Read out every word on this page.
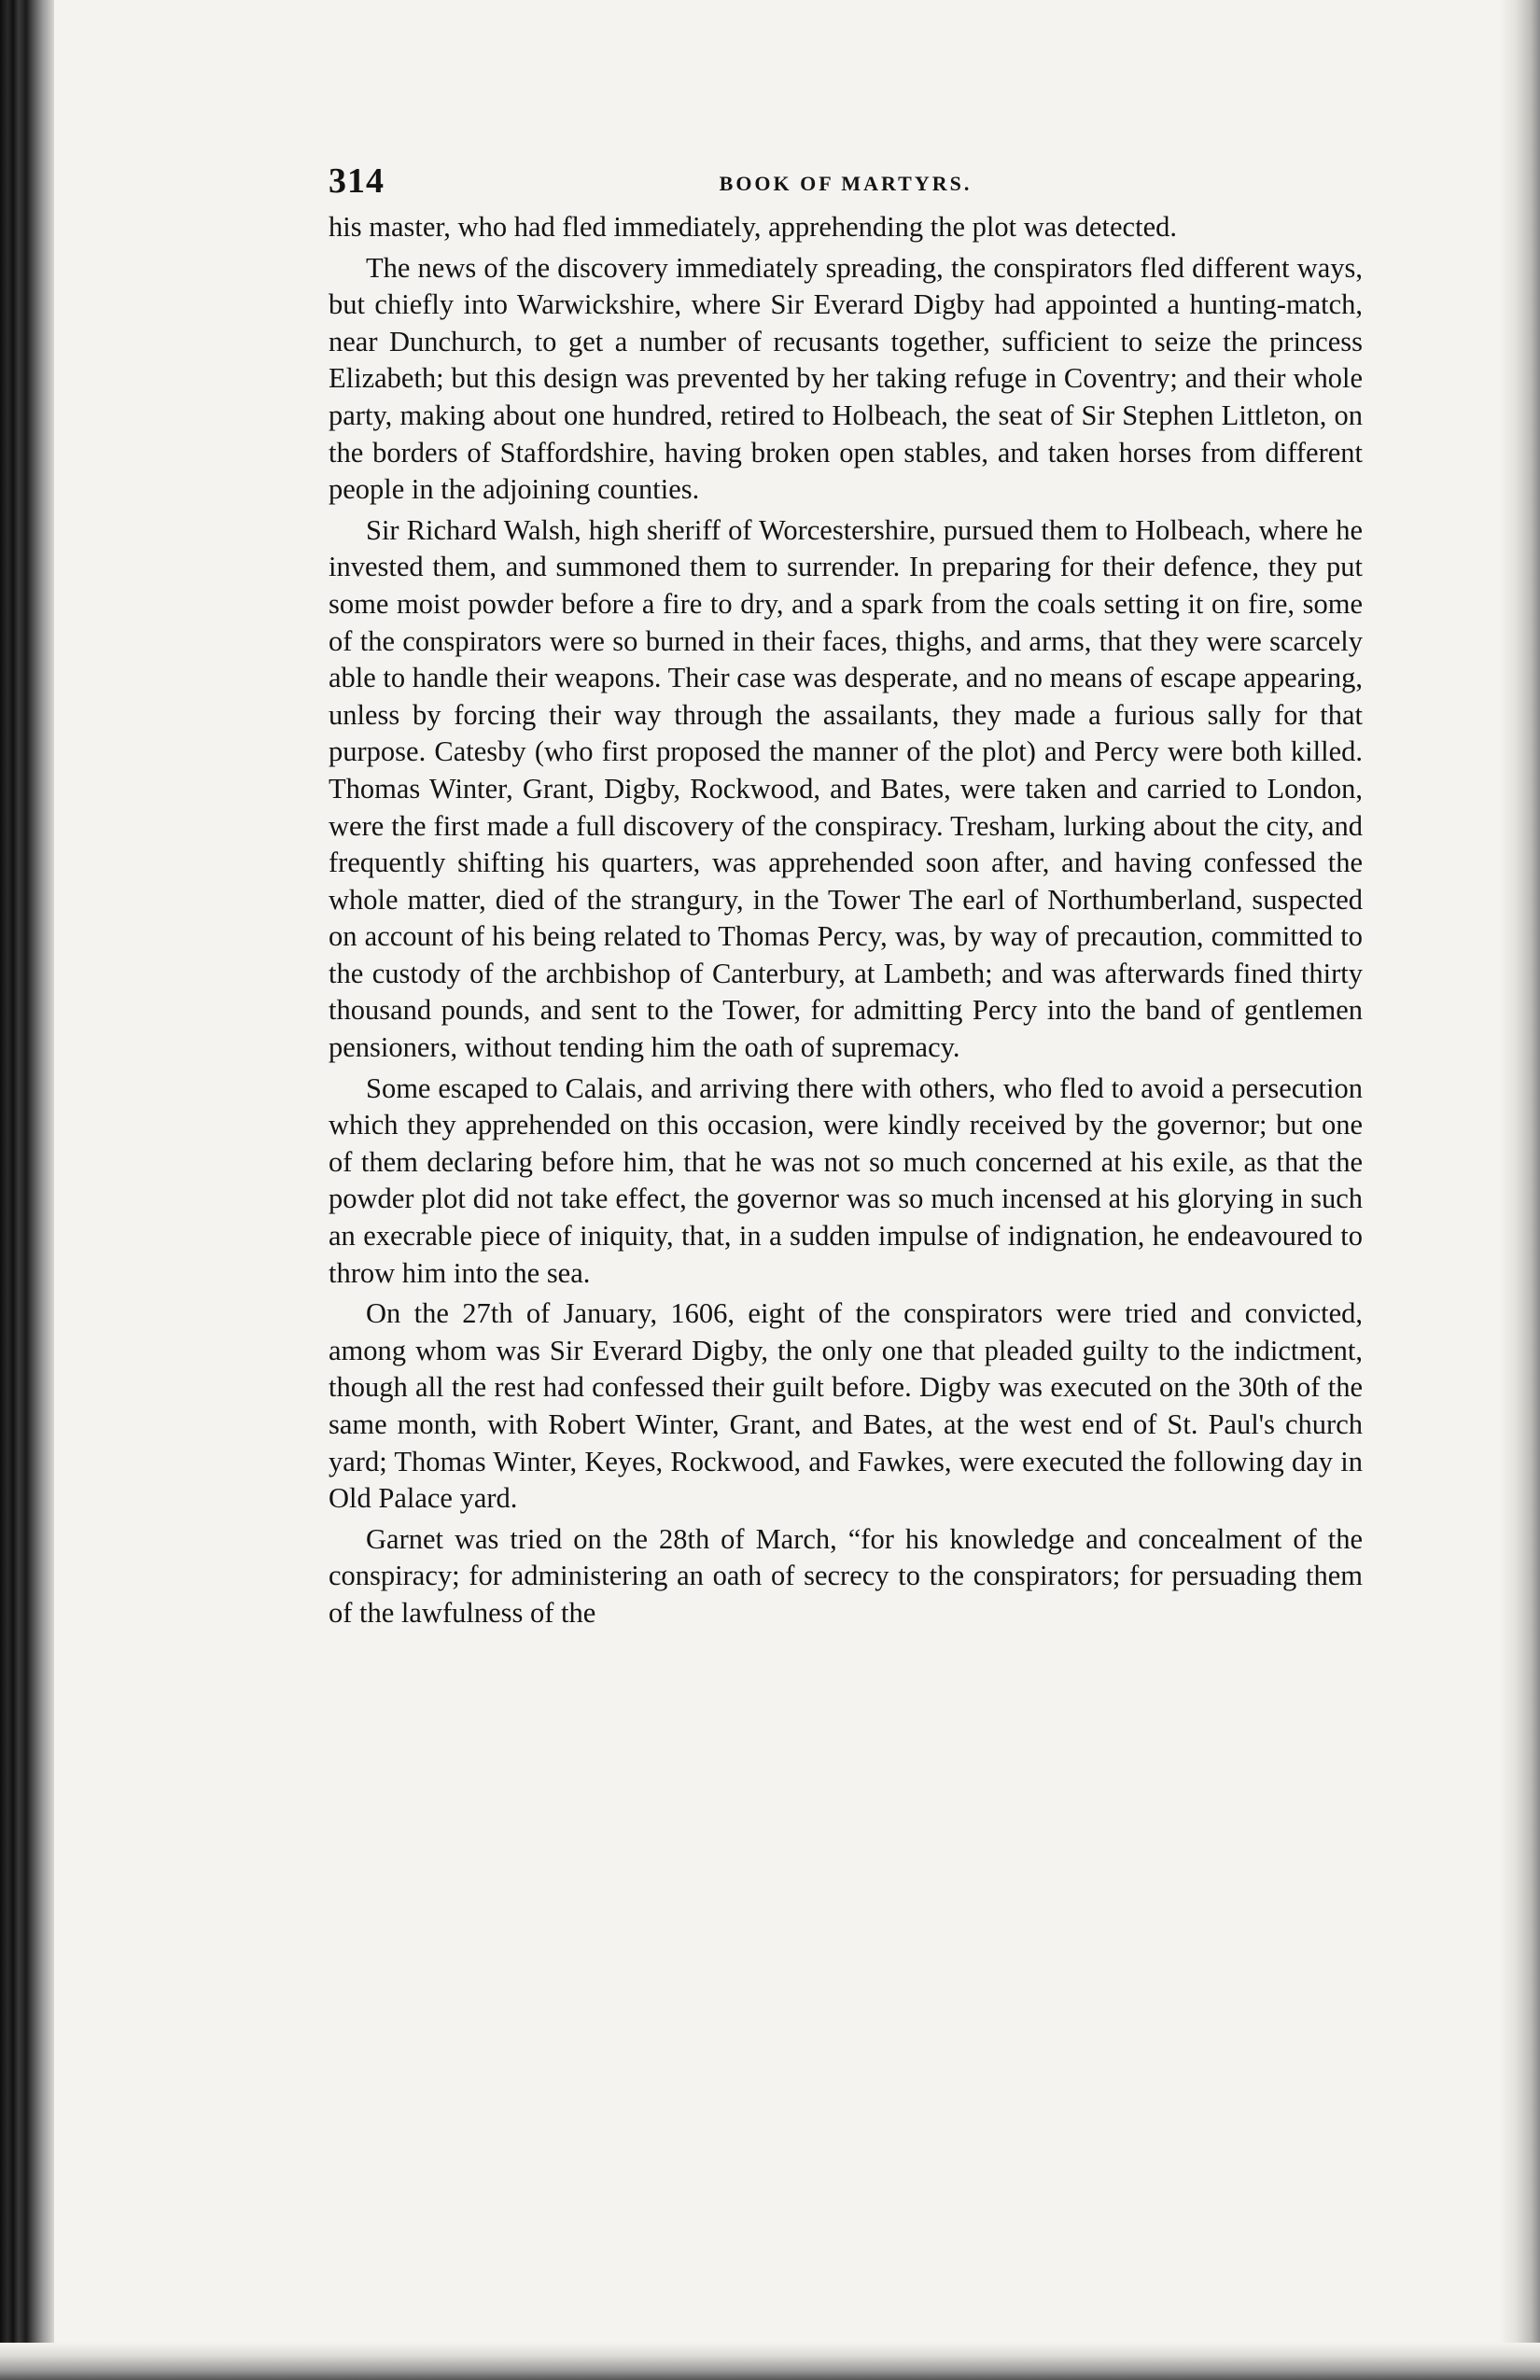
314	BOOK OF MARTYRS.

his master, who had fled immediately, apprehending the plot was detected.

The news of the discovery immediately spreading, the conspirators fled different ways, but chiefly into Warwickshire, where Sir Everard Digby had appointed a hunting-match, near Dunchurch, to get a number of recusants together, sufficient to seize the princess Elizabeth; but this design was prevented by her taking refuge in Coventry; and their whole party, making about one hundred, retired to Holbeach, the seat of Sir Stephen Littleton, on the borders of Staffordshire, having broken open stables, and taken horses from different people in the adjoining counties.

Sir Richard Walsh, high sheriff of Worcestershire, pursued them to Holbeach, where he invested them, and summoned them to surrender. In preparing for their defence, they put some moist powder before a fire to dry, and a spark from the coals setting it on fire, some of the conspirators were so burned in their faces, thighs, and arms, that they were scarcely able to handle their weapons. Their case was desperate, and no means of escape appearing, unless by forcing their way through the assailants, they made a furious sally for that purpose. Catesby (who first proposed the manner of the plot) and Percy were both killed. Thomas Winter, Grant, Digby, Rockwood, and Bates, were taken and carried to London, were the first made a full discovery of the conspiracy. Tresham, lurking about the city, and frequently shifting his quarters, was apprehended soon after, and having confessed the whole matter, died of the strangury, in the Tower The earl of Northumberland, suspected on account of his being related to Thomas Percy, was, by way of precaution, committed to the custody of the archbishop of Canterbury, at Lambeth; and was afterwards fined thirty thousand pounds, and sent to the Tower, for admitting Percy into the band of gentlemen pensioners, without tending him the oath of supremacy.

Some escaped to Calais, and arriving there with others, who fled to avoid a persecution which they apprehended on this occasion, were kindly received by the governor; but one of them declaring before him, that he was not so much concerned at his exile, as that the powder plot did not take effect, the governor was so much incensed at his glorying in such an execrable piece of iniquity, that, in a sudden impulse of indignation, he endeavoured to throw him into the sea.

On the 27th of January, 1606, eight of the conspirators were tried and convicted, among whom was Sir Everard Digby, the only one that pleaded guilty to the indictment, though all the rest had confessed their guilt before. Digby was executed on the 30th of the same month, with Robert Winter, Grant, and Bates, at the west end of St. Paul's church yard; Thomas Winter, Keyes, Rockwood, and Fawkes, were executed the following day in Old Palace yard.

Garnet was tried on the 28th of March, “for his knowledge and concealment of the conspiracy; for administering an oath of secrecy to the conspirators; for persuading them of the lawfulness of the
